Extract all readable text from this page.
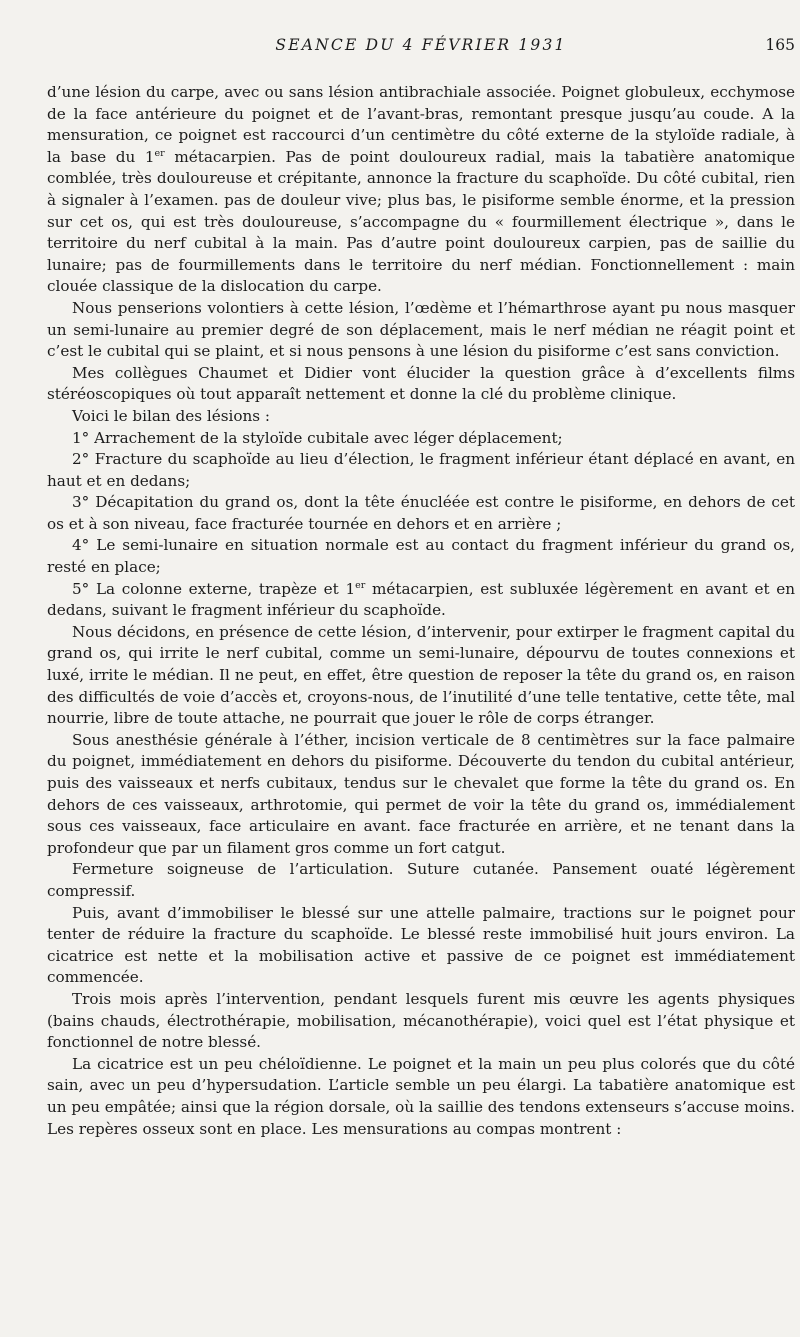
SEANCE DU 4 FÉVRIER 1931	165

d’une lésion du carpe, avec ou sans lésion antibrachiale associée. Poignet globuleux, ecchymose de la face antérieure du poignet et de l’avant-bras, remontant presque jusqu’au coude. A la mensuration, ce poignet est raccourci d’un centimètre du côté externe de la styloïde radiale, à la base du 1er métacarpien. Pas de point douloureux radial, mais la tabatière anatomique comblée, très douloureuse et crépitante, annonce la fracture du scaphoïde. Du côté cubital, rien à signaler à l’examen. pas de douleur vive; plus bas, le pisiforme semble énorme, et la pression sur cet os, qui est très douloureuse, s’accompagne du « fourmillement électrique », dans le territoire du nerf cubital à la main. Pas d’autre point douloureux carpien, pas de saillie du lunaire; pas de fourmillements dans le territoire du nerf médian. Fonctionnellement : main clouée classique de la dislocation du carpe.

Nous penserions volontiers à cette lésion, l’œdème et l’hémarthrose ayant pu nous masquer un semi-lunaire au premier degré de son déplacement, mais le nerf médian ne réagit point et c’est le cubital qui se plaint, et si nous pensons à une lésion du pisiforme c’est sans conviction.

Mes collègues Chaumet et Didier vont élucider la question grâce à d’excellents films stéréoscopiques où tout apparaît nettement et donne la clé du problème clinique.

Voici le bilan des lésions :

1° Arrachement de la styloïde cubitale avec léger déplacement;

2° Fracture du scaphoïde au lieu d’élection, le fragment inférieur étant déplacé en avant, en haut et en dedans;

3° Décapitation du grand os, dont la tête énucléée est contre le pisiforme, en dehors de cet os et à son niveau, face fracturée tournée en dehors et en arrière ;

4° Le semi-lunaire en situation normale est au contact du fragment inférieur du grand os, resté en place;

5° La colonne externe, trapèze et 1er métacarpien, est subluxée légèrement en avant et en dedans, suivant le fragment inférieur du scaphoïde.

Nous décidons, en présence de cette lésion, d’intervenir, pour extirper le fragment capital du grand os, qui irrite le nerf cubital, comme un semi-lunaire, dépourvu de toutes connexions et luxé, irrite le médian. Il ne peut, en effet, être question de reposer la tête du grand os, en raison des difficultés de voie d’accès et, croyons-nous, de l’inutilité d’une telle tentative, cette tête, mal nourrie, libre de toute attache, ne pourrait que jouer le rôle de corps étranger.

Sous anesthésie générale à l’éther, incision verticale de 8 centimètres sur la face palmaire du poignet, immédiatement en dehors du pisiforme. Découverte du tendon du cubital antérieur, puis des vaisseaux et nerfs cubitaux, tendus sur le chevalet que forme la tête du grand os. En dehors de ces vaisseaux, arthrotomie, qui permet de voir la tête du grand os, immédialement sous ces vaisseaux, face articulaire en avant. face fracturée en arrière, et ne tenant dans la profondeur que par un filament gros comme un fort catgut.

Fermeture soigneuse de l’articulation. Suture cutanée. Pansement ouaté légèrement compressif.

Puis, avant d’immobiliser le blessé sur une attelle palmaire, tractions sur le poignet pour tenter de réduire la fracture du scaphoïde. Le blessé reste immobilisé huit jours environ. La cicatrice est nette et la mobilisation active et passive de ce poignet est immédiatement commencée.

Trois mois après l’intervention, pendant lesquels furent mis œuvre les agents physiques (bains chauds, électrothérapie, mobilisation, mécanothérapie), voici quel est l’état physique et fonctionnel de notre blessé.

La cicatrice est un peu chéloïdienne. Le poignet et la main un peu plus colorés que du côté sain, avec un peu d’hypersudation. L’article semble un peu élargi. La tabatière anatomique est un peu empâtée; ainsi que la région dorsale, où la saillie des tendons extenseurs s’accuse moins. Les repères osseux sont en place. Les mensurations au compas montrent :
